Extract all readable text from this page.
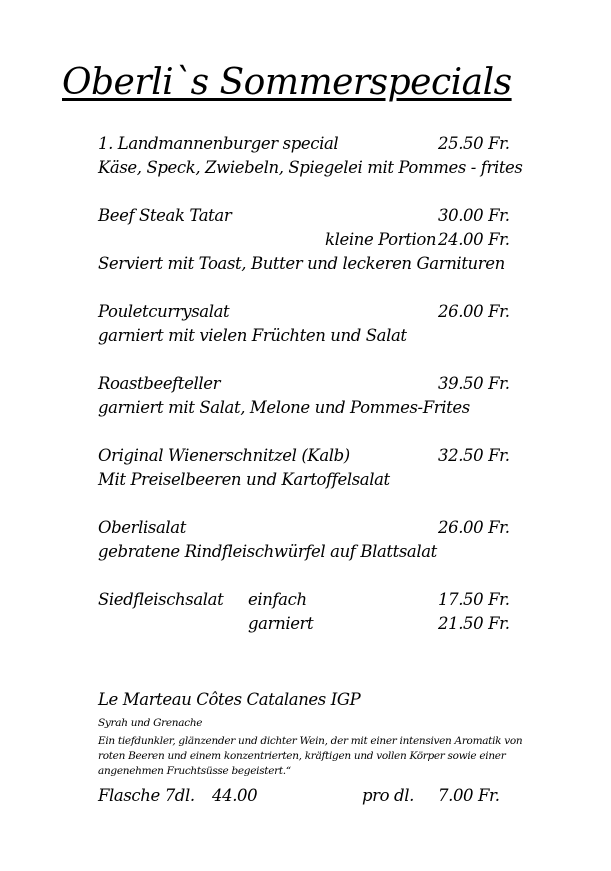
Oberli`s Sommerspecials
1. Landmannenburger special	25.50 Fr.
Käse, Speck, Zwiebeln, Spiegelei mit Pommes - frites
Beef Steak Tatar	30.00 Fr.
kleine Portion 24.00 Fr.
Serviert mit Toast, Butter und leckeren Garnituren
Pouletcurrysalat	26.00 Fr.
garniert mit vielen Früchten und Salat
Roastbeefteller	39.50 Fr.
garniert mit Salat, Melone und Pommes-Frites
Original Wienerschnitzel (Kalb)	32.50 Fr.
Mit Preiselbeeren und Kartoffelsalat
Oberlisalat	26.00 Fr.
gebratene Rindfleischwürfel auf Blattsalat
Siedfleischsalat einfach	17.50 Fr.
garniert	21.50 Fr.
Le Marteau Côtes Catalanes IGP
Syrah und Grenache
Ein tiefdunkler, glänzender und dichter Wein, der mit einer intensiven Aromatik von roten Beeren und einem konzentrierten, kräftigen und vollen Körper sowie einer angenehmen Fruchtsüsse begeistert.“
Flasche 7dl. 44.00	pro dl. 7.00 Fr.
